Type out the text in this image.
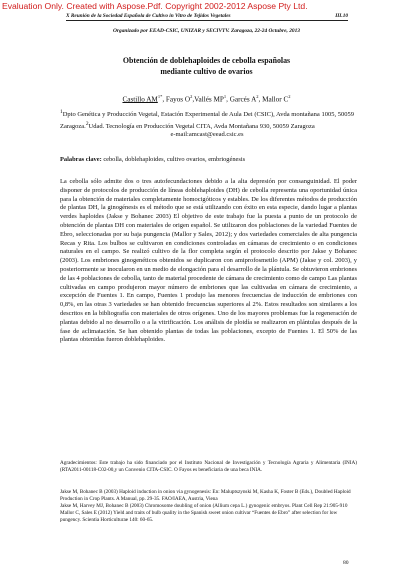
Evaluation Only. Created with Aspose.Pdf. Copyright 2002-2012 Aspose Pty Ltd.
X Reunión de la Sociedad Española de Cultivo in Vitro de Tejidos Vegetales	III.10
Organizado por EEAD-CSIC, UNIZAR y SECIVTV. Zaragoza, 22-24 Octubre, 2013
Obtención de doblehaploides de cebolla españolas
mediante cultivo de ovarios
Castillo $AM^{1*}$, Fayos $O^2,Vallés$ $MP^1$, Garcés $A^2$, Mallor $C^2$
$^1$Dpto Genética y Producción Vegetal, Estación Experimental de Aula Dei (CSIC), Avda montañana 1005, 50059 Zaragoza.$^2$Udad. Tecnología en Producción Vegetal CITA, Avda Montañana 930, 50059 Zaragoza
e-mail:amcast@eead.csic.es
Palabras clave: cebolla, doblehaploides, cultivo ovarios, embriogénesis
La cebolla sólo admite dos o tres autofecundaciones debido a la alta depresión por consanguinidad. El poder disponer de protocolos de producción de líneas doblehaploides (DH) de cebolla representa una oportunidad única para la obtención de materiales completamente homocigóticos y estables. De los diferentes métodos de producción de plantas DH, la ginogénesis es el método que se está utilizando con éxito en esta especie, dando lugar a plantas verdes haploides (Jakse y Bohanec 2003) El objetivo de este trabajo fue la puesta a punto de un protocolo de obtención de plantas DH con materiales de origen español. Se utilizaron dos poblaciones de la variedad Fuentes de Ebro, seleccionadas por su baja pungencia (Mallor y Sales, 2012); y dos variedades comerciales de alta pungencia Recas y Rita. Los bulbos se cultivaron en condiciones controladas en cámaras de crecimiento o en condiciones naturales en el campo. Se realizó cultivo de la flor completa según el protocolo descrito por Jakse y Bohanec (2003). Los embriones ginogenéticos obtenidos se duplicaron con amiprofosmetilo (APM) (Jakse y col. 2003), y posteriormente se inocularon en un medio de elongación para el desarrollo de la plántula. Se obtuvieron embriones de las 4 poblaciones de cebolla, tanto de material procedente de cámara de crecimiento como de campo Las plantas cultivadas en campo produjeron mayor número de embriones que las cultivadas en cámara de crecimiento, a excepción de Fuentes 1. En campo, Fuentes 1 produjo las menores frecuencias de inducción de embriones con 0,8%, en las otras 3 variedades se han obtenido frecuencias superiores al 2%. Estos resultados son similares a los descritos en la bibliografía con materiales de otros orígenes. Uno de los mayores problemas fue la regeneración de plantas debido al no desarrollo o a la vitrificación. Los análisis de ploidía se realizaron en plántulas después de la fase de aclimatación. Se han obtenido plantas de todas las poblaciones, excepto de Fuentes 1. El 50% de las plantas obtenidas fueron doblehaploides.
Agradecimientos: Este trabajo ha sido financiado por el Instituto Nacional de Investigación y Tecnología Agraria y Alimentaria (INIA) (RTA2011-00118-C02-00,y un Convenio CITA-CSIC. O Fayos es beneficiaria de una beca INIA.

Jakse M, Bohanec B (2003) Haploid induction in onion via gynogenesis: En: Maluptszynski M, Kasha K, Foster B (Eds.), Doubled Haploid Production in Crop Plants. A Manual, pp. 29-35. FAO/IAEA, Austria, Viena

Jakse M, Harvey MJ, Bohanec B (2003) Chromosome doubling of onion (Allium cepa L.) gynogenic embryos. Plant Cell Rep 21:905-910

Mallor C, Sales E (2012) Yield and traits of bulb quality in the Spanish sweet onion cultivar “Fuentes de Ebro” after selection for low pungency. Scientia Horticulturae 140: 60-65.

80
